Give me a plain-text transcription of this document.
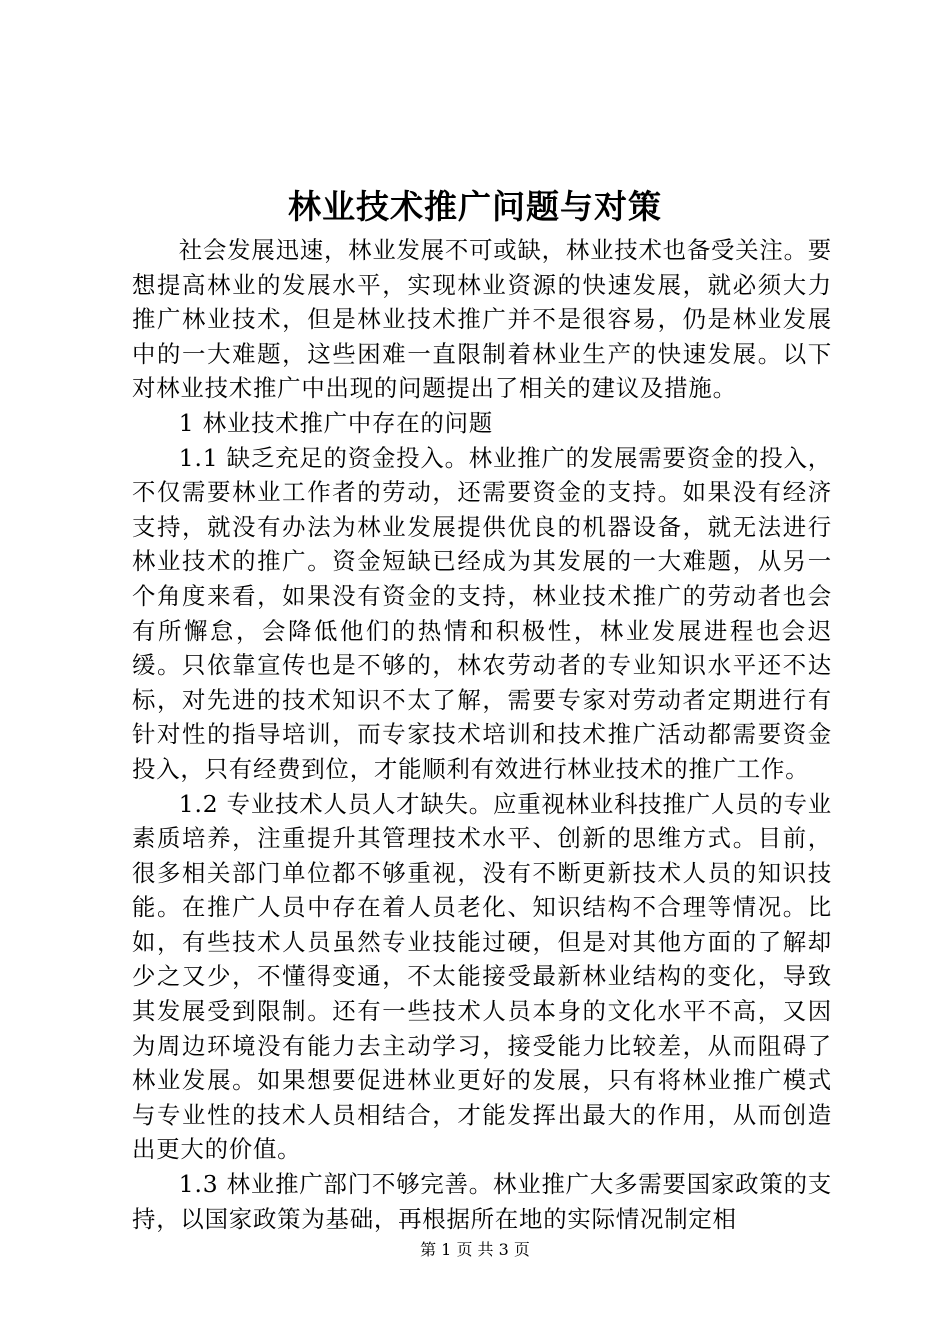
林业技术推广问题与对策

社会发展迅速，林业发展不可或缺，林业技术也备受关注。要想提高林业的发展水平，实现林业资源的快速发展，就必须大力推广林业技术，但是林业技术推广并不是很容易，仍是林业发展中的一大难题，这些困难一直限制着林业生产的快速发展。以下对林业技术推广中出现的问题提出了相关的建议及措施。

1 林业技术推广中存在的问题

1.1 缺乏充足的资金投入。林业推广的发展需要资金的投入，不仅需要林业工作者的劳动，还需要资金的支持。如果没有经济支持，就没有办法为林业发展提供优良的机器设备，就无法进行林业技术的推广。资金短缺已经成为其发展的一大难题，从另一个角度来看，如果没有资金的支持，林业技术推广的劳动者也会有所懈怠，会降低他们的热情和积极性，林业发展进程也会迟缓。只依靠宣传也是不够的，林农劳动者的专业知识水平还不达标，对先进的技术知识不太了解，需要专家对劳动者定期进行有针对性的指导培训，而专家技术培训和技术推广活动都需要资金投入，只有经费到位，才能顺利有效进行林业技术的推广工作。

1.2 专业技术人员人才缺失。应重视林业科技推广人员的专业素质培养，注重提升其管理技术水平、创新的思维方式。目前，很多相关部门单位都不够重视，没有不断更新技术人员的知识技能。在推广人员中存在着人员老化、知识结构不合理等情况。比如，有些技术人员虽然专业技能过硬，但是对其他方面的了解却少之又少，不懂得变通，不太能接受最新林业结构的变化，导致其发展受到限制。还有一些技术人员本身的文化水平不高，又因为周边环境没有能力去主动学习，接受能力比较差，从而阻碍了林业发展。如果想要促进林业更好的发展，只有将林业推广模式与专业性的技术人员相结合，才能发挥出最大的作用，从而创造出更大的价值。

1.3 林业推广部门不够完善。林业推广大多需要国家政策的支持，以国家政策为基础，再根据所在地的实际情况制定相

第 1 页 共 3 页
